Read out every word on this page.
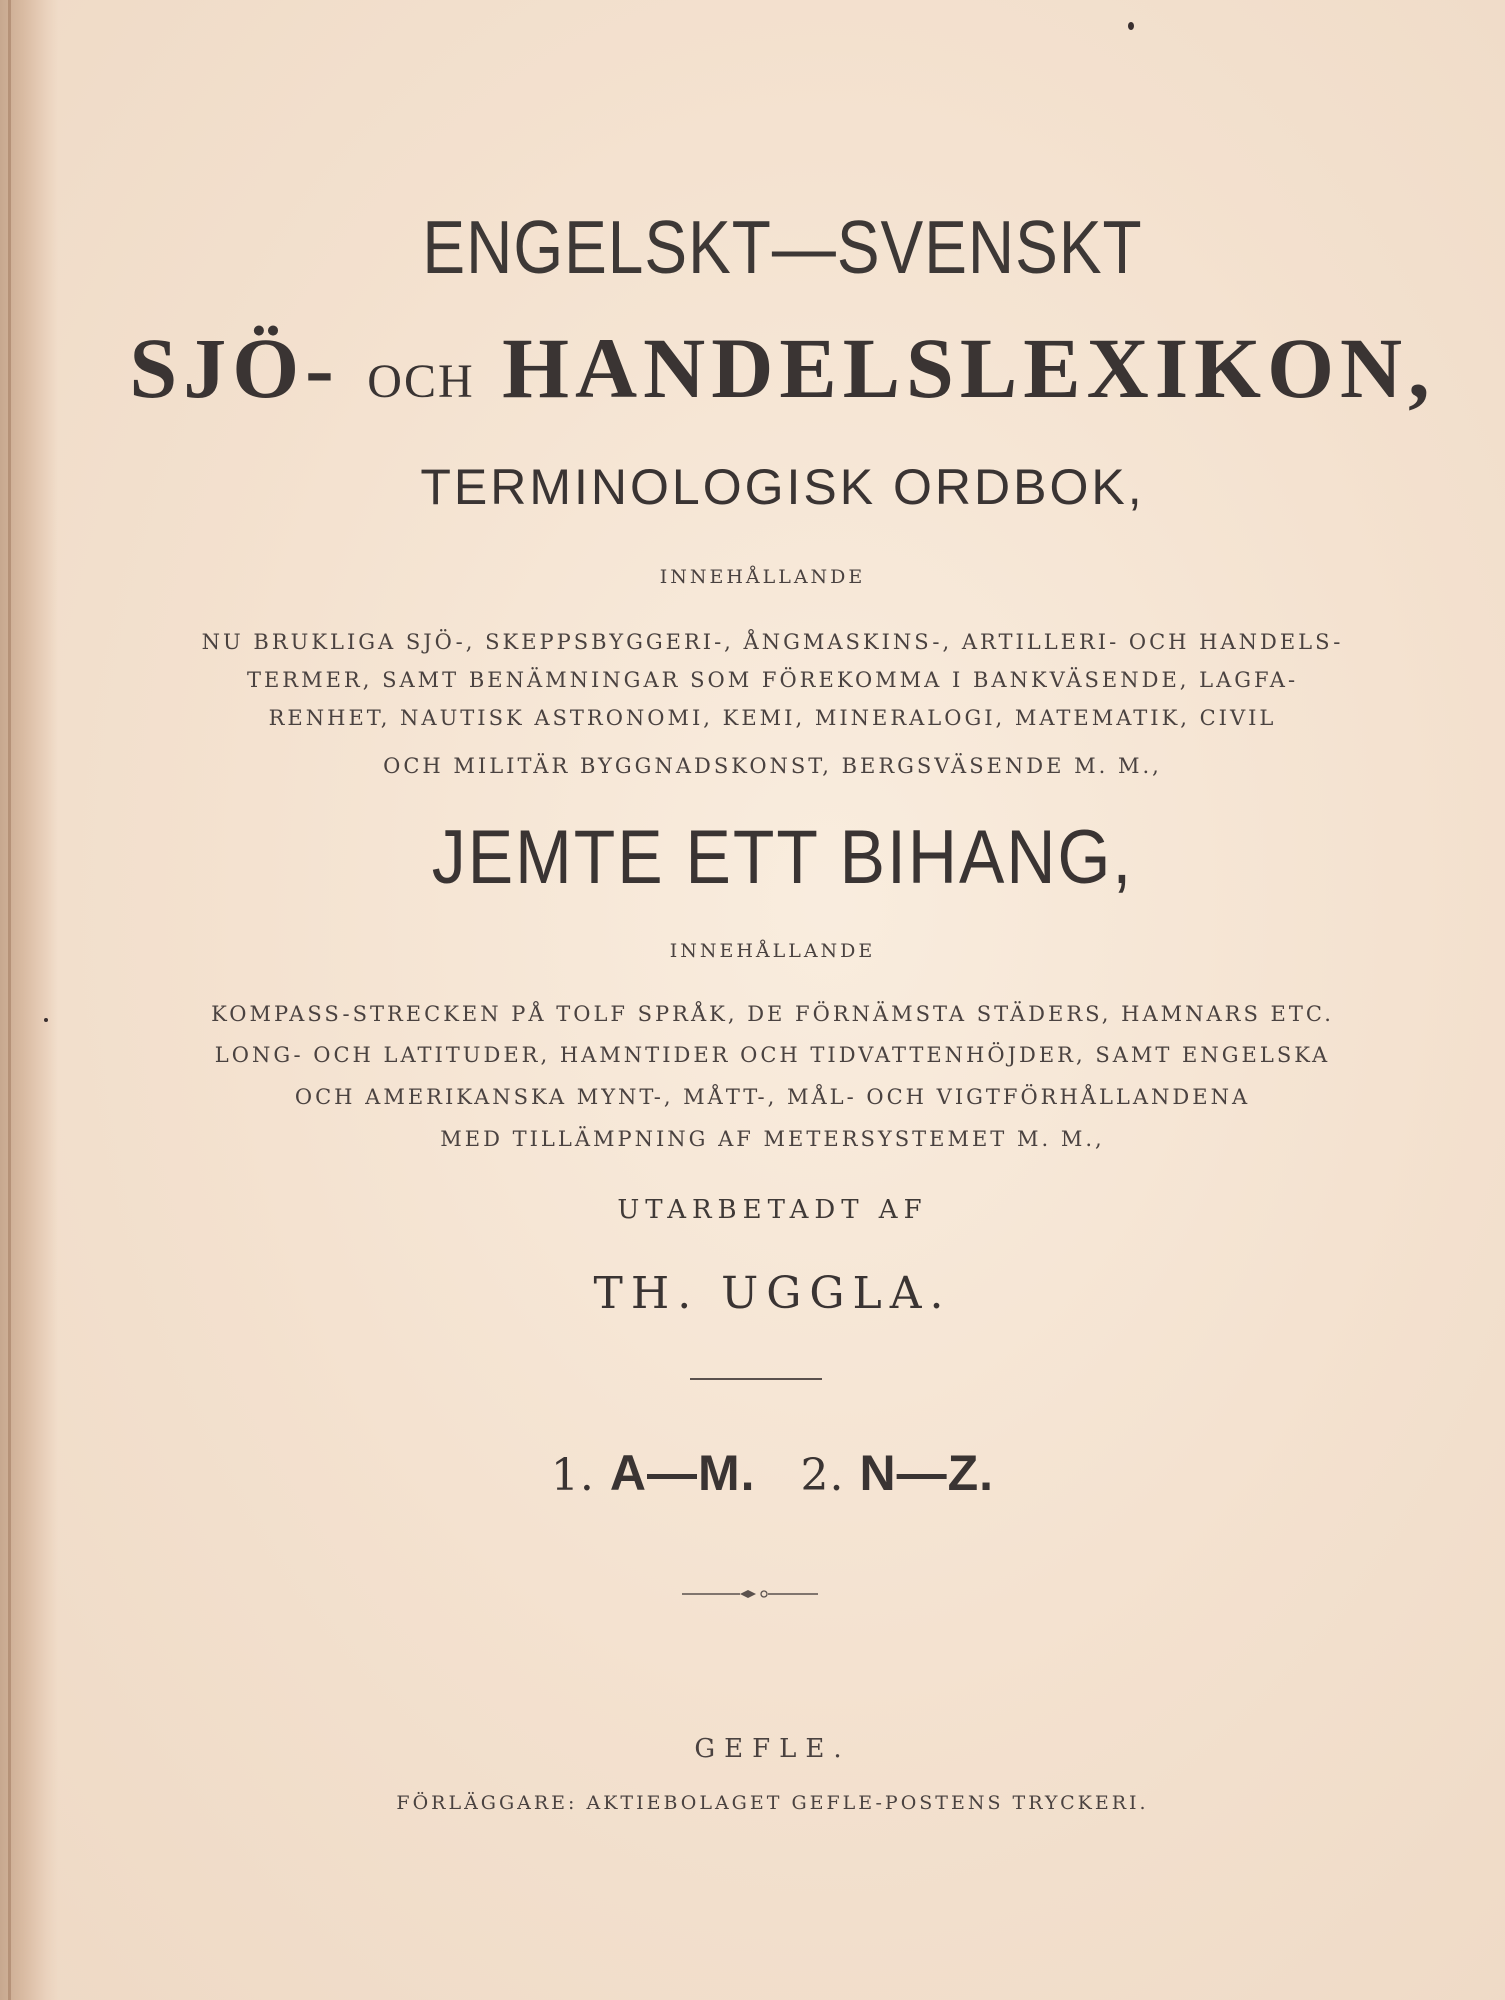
ENGELSKT—SVENSKT

SJÖ- OCH HANDELSLEXIKON,

TERMINOLOGISK ORDBOK,

INNEHÅLLANDE

NU BRUKLIGA SJÖ-, SKEPPSBYGGERI-, ÅNGMASKINS-, ARTILLERI- OCH HANDELS-

TERMER, SAMT BENÄMNINGAR SOM FÖREKOMMA I BANKVÄSENDE, LAGFA-

RENHET, NAUTISK ASTRONOMI, KEMI, MINERALOGI, MATEMATIK, CIVIL

OCH MILITÄR BYGGNADSKONST, BERGSVÄSENDE M. M.,

JEMTE ETT BIHANG,

INNEHÅLLANDE

KOMPASS-STRECKEN PÅ TOLF SPRÅK, DE FÖRNÄMSTA STÄDERS, HAMNARS ETC.

LONG- OCH LATITUDER, HAMNTIDER OCH TIDVATTENHÖJDER, SAMT ENGELSKA

OCH AMERIKANSKA MYNT-, MÅTT-, MÅL- OCH VIGTFÖRHÅLLANDENA

MED TILLÄMPNING AF METERSYSTEMET M. M.,

UTARBETADT AF

TH. UGGLA.

1. A—M. 2. N—Z.

GEFLE.

FÖRLÄGGARE: AKTIEBOLAGET GEFLE-POSTENS TRYCKERI.
